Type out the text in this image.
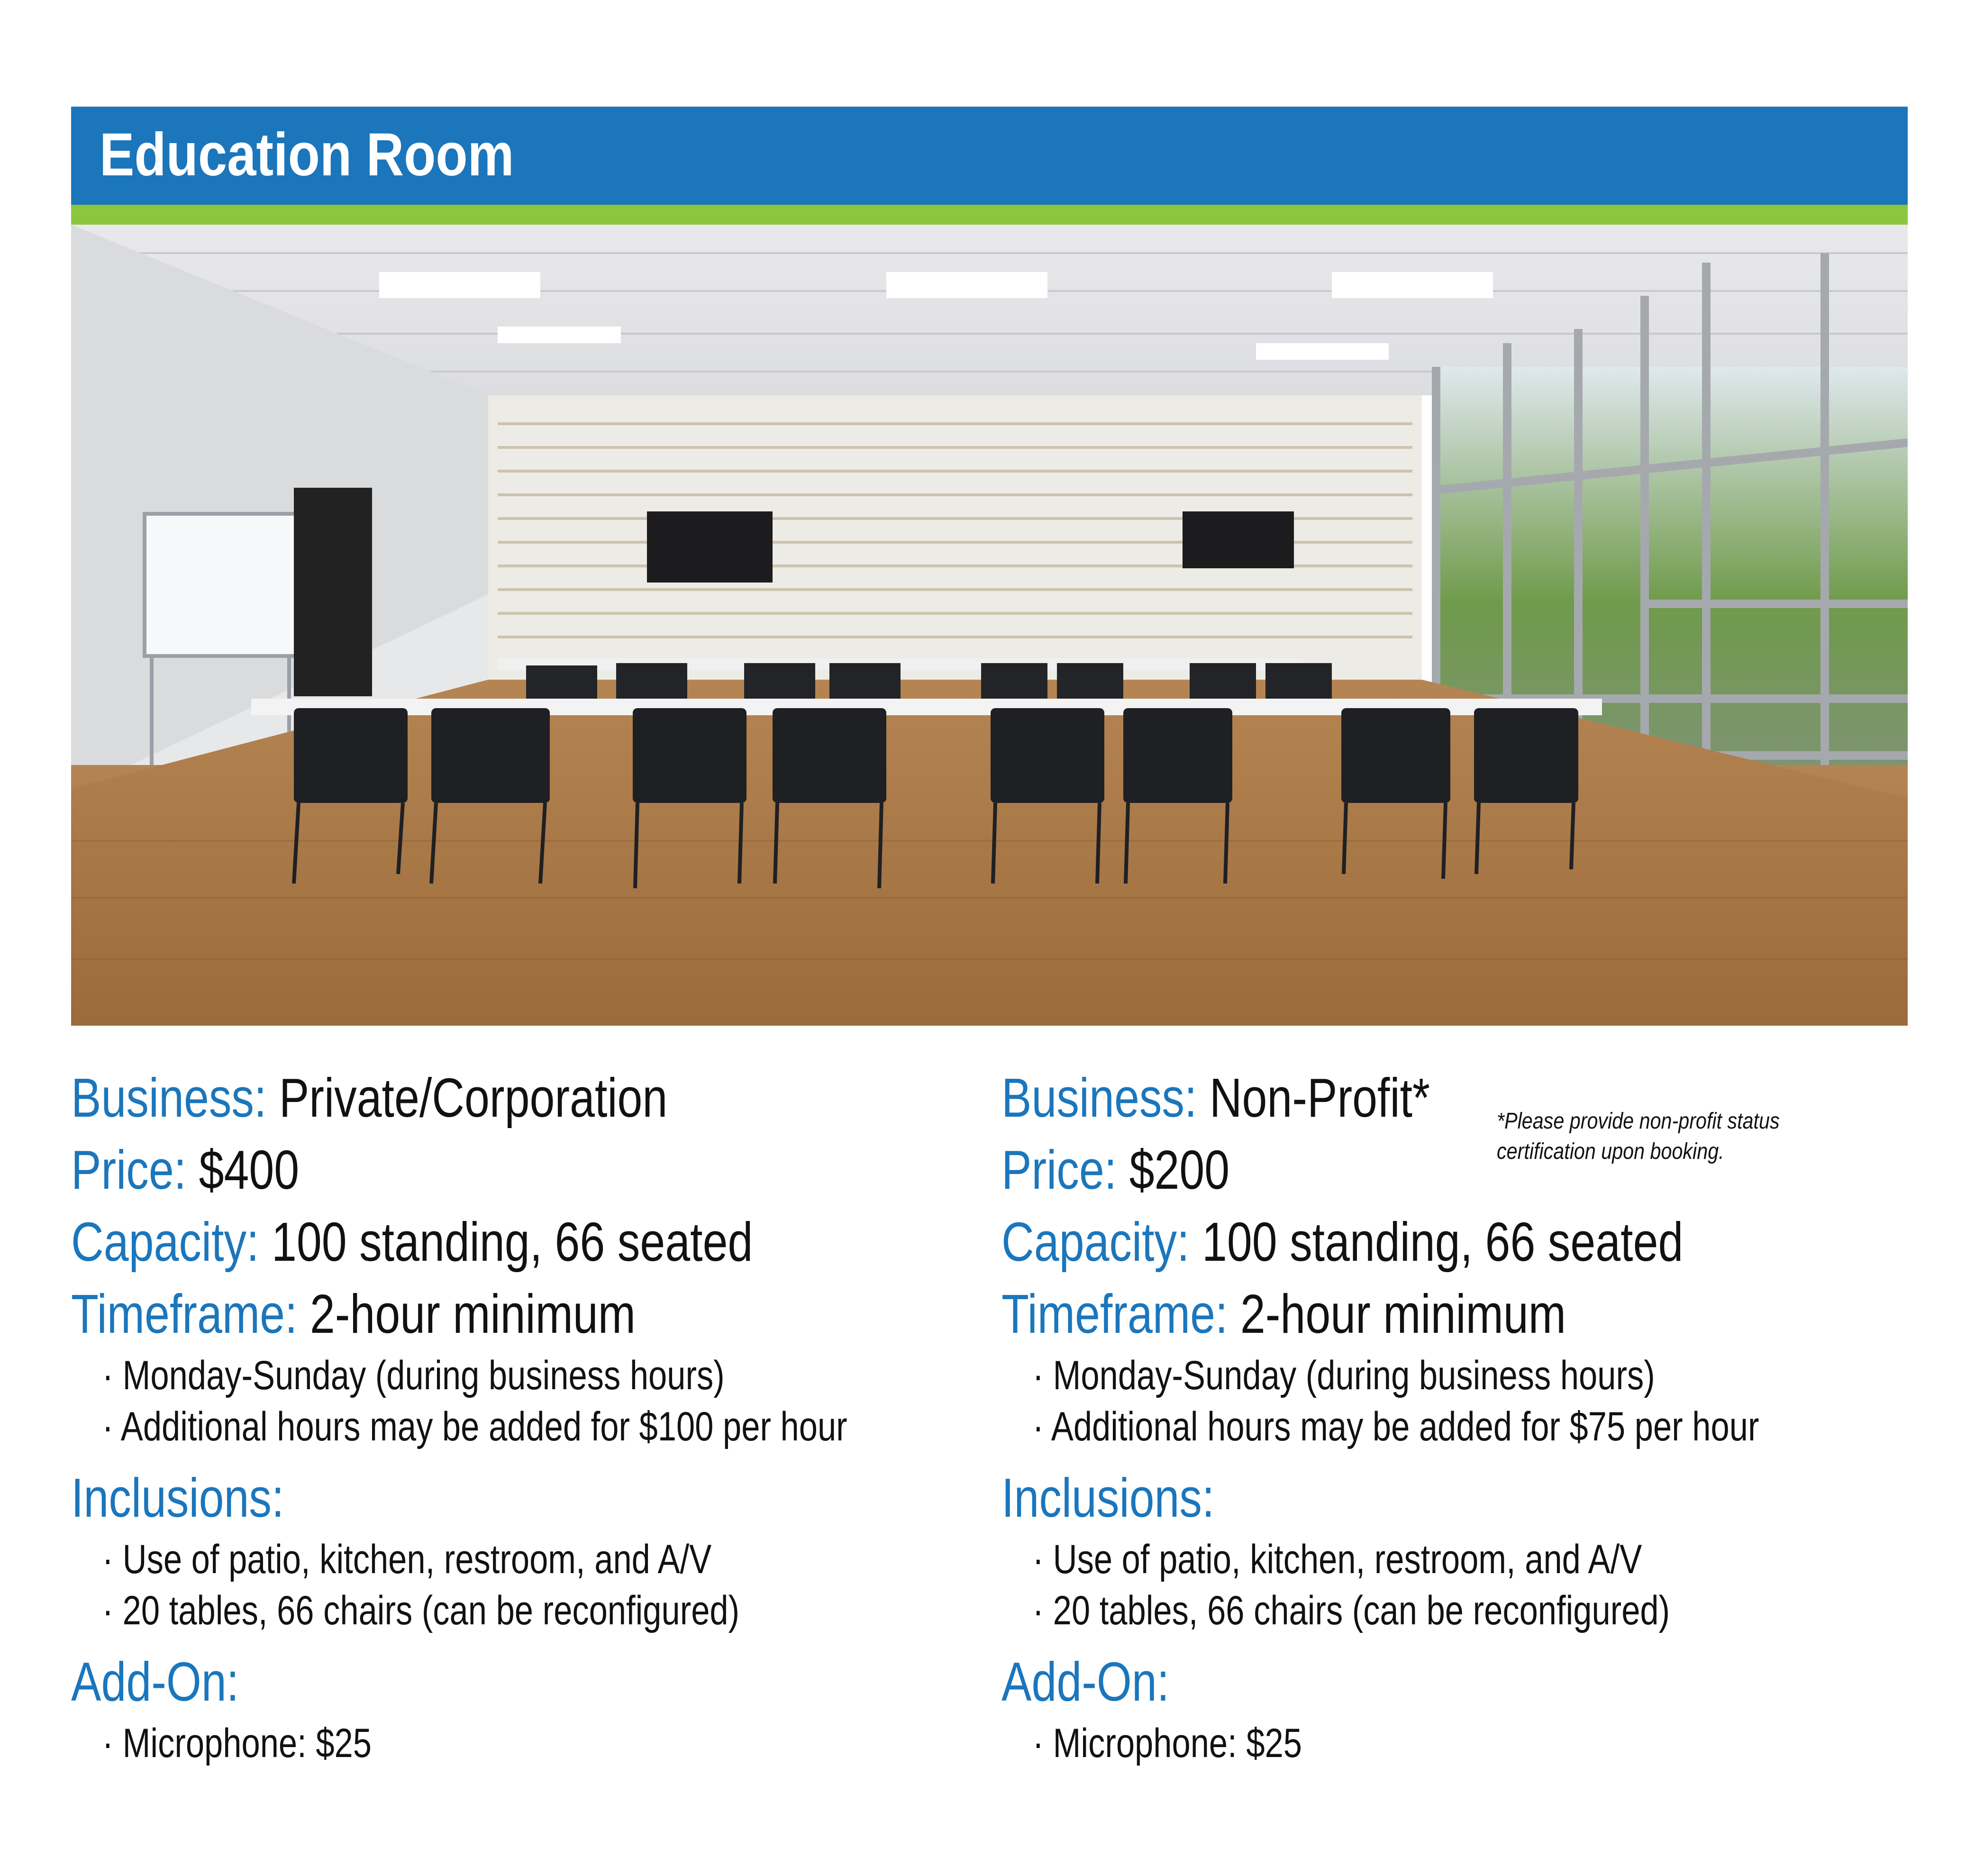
Education Room
Business: Private/Corporation
Price: $400
Capacity: 100 standing, 66 seated
Timeframe: 2-hour minimum
· Monday-Sunday (during business hours)
· Additional hours may be added for $100 per hour
Inclusions:
· Use of patio, kitchen, restroom, and A/V
· 20 tables, 66 chairs (can be reconfigured)
Add-On:
· Microphone: $25
Business: Non-Profit*
Price: $200
Capacity: 100 standing, 66 seated
Timeframe: 2-hour minimum
· Monday-Sunday (during business hours)
· Additional hours may be added for $75 per hour
Inclusions:
· Use of patio, kitchen, restroom, and A/V
· 20 tables, 66 chairs (can be reconfigured)
Add-On:
· Microphone: $25
*Please provide non-profit status
certification upon booking.
